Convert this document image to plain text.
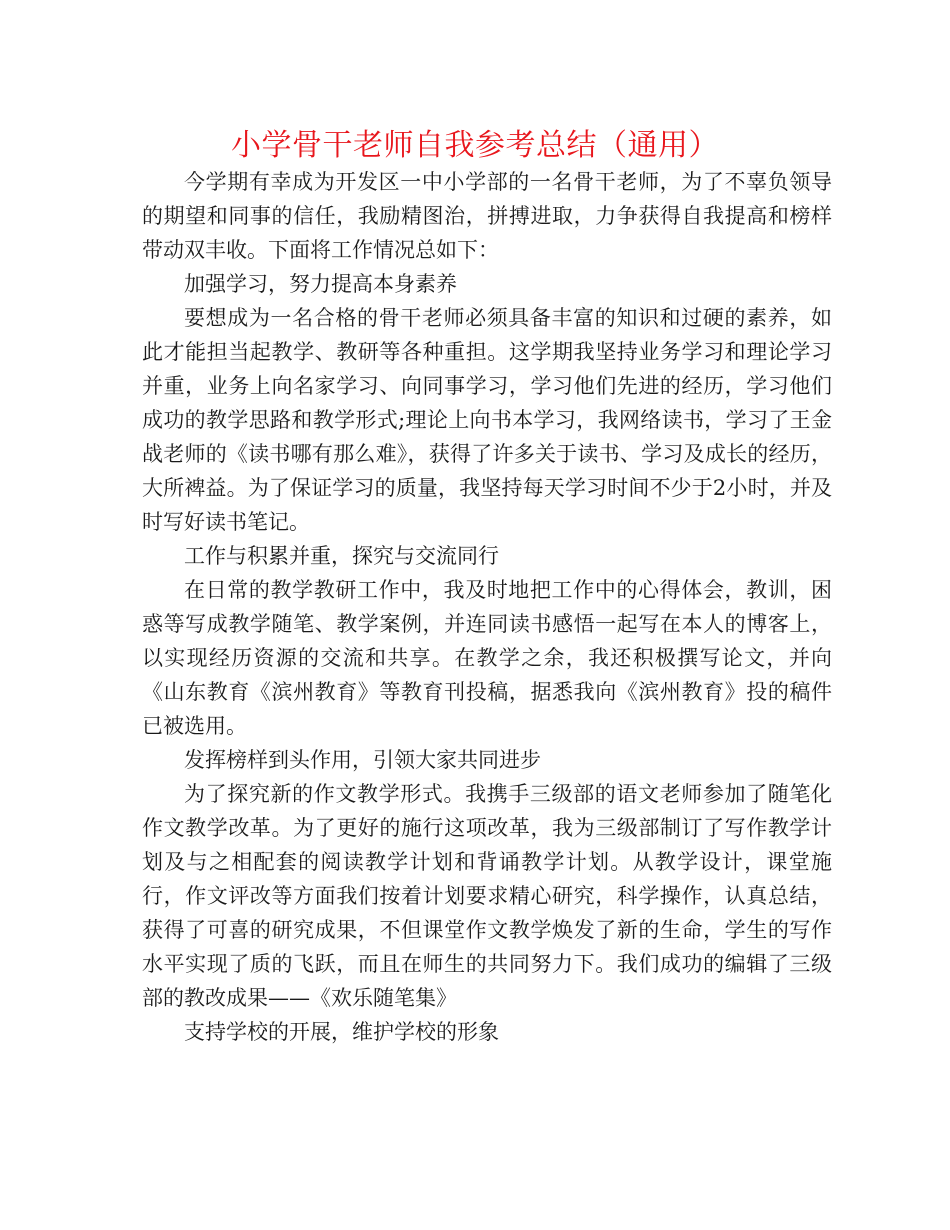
小学骨干老师自我参考总结（通用）

今学期有幸成为开发区一中小学部的一名骨干老师，为了不辜负领导的期望和同事的信任，我励精图治，拼搏进取，力争获得自我提高和榜样带动双丰收。下面将工作情况总如下：

加强学习，努力提高本身素养

要想成为一名合格的骨干老师必须具备丰富的知识和过硬的素养，如此才能担当起教学、教研等各种重担。这学期我坚持业务学习和理论学习并重，业务上向名家学习、向同事学习，学习他们先进的经历，学习他们成功的教学思路和教学形式;理论上向书本学习，我网络读书，学习了王金战老师的《读书哪有那么难》，获得了许多关于读书、学习及成长的经历，大所裨益。为了保证学习的质量，我坚持每天学习时间不少于2小时，并及时写好读书笔记。

工作与积累并重，探究与交流同行

在日常的教学教研工作中，我及时地把工作中的心得体会，教训，困惑等写成教学随笔、教学案例，并连同读书感悟一起写在本人的博客上，以实现经历资源的交流和共享。在教学之余，我还积极撰写论文，并向《山东教育《滨州教育》等教育刊投稿，据悉我向《滨州教育》投的稿件已被选用。

发挥榜样到头作用，引领大家共同进步

为了探究新的作文教学形式。我携手三级部的语文老师参加了随笔化作文教学改革。为了更好的施行这项改革，我为三级部制订了写作教学计划及与之相配套的阅读教学计划和背诵教学计划。从教学设计，课堂施行，作文评改等方面我们按着计划要求精心研究，科学操作，认真总结，获得了可喜的研究成果，不但课堂作文教学焕发了新的生命，学生的写作水平实现了质的飞跃，而且在师生的共同努力下。我们成功的编辑了三级部的教改成果——《欢乐随笔集》

支持学校的开展，维护学校的形象
